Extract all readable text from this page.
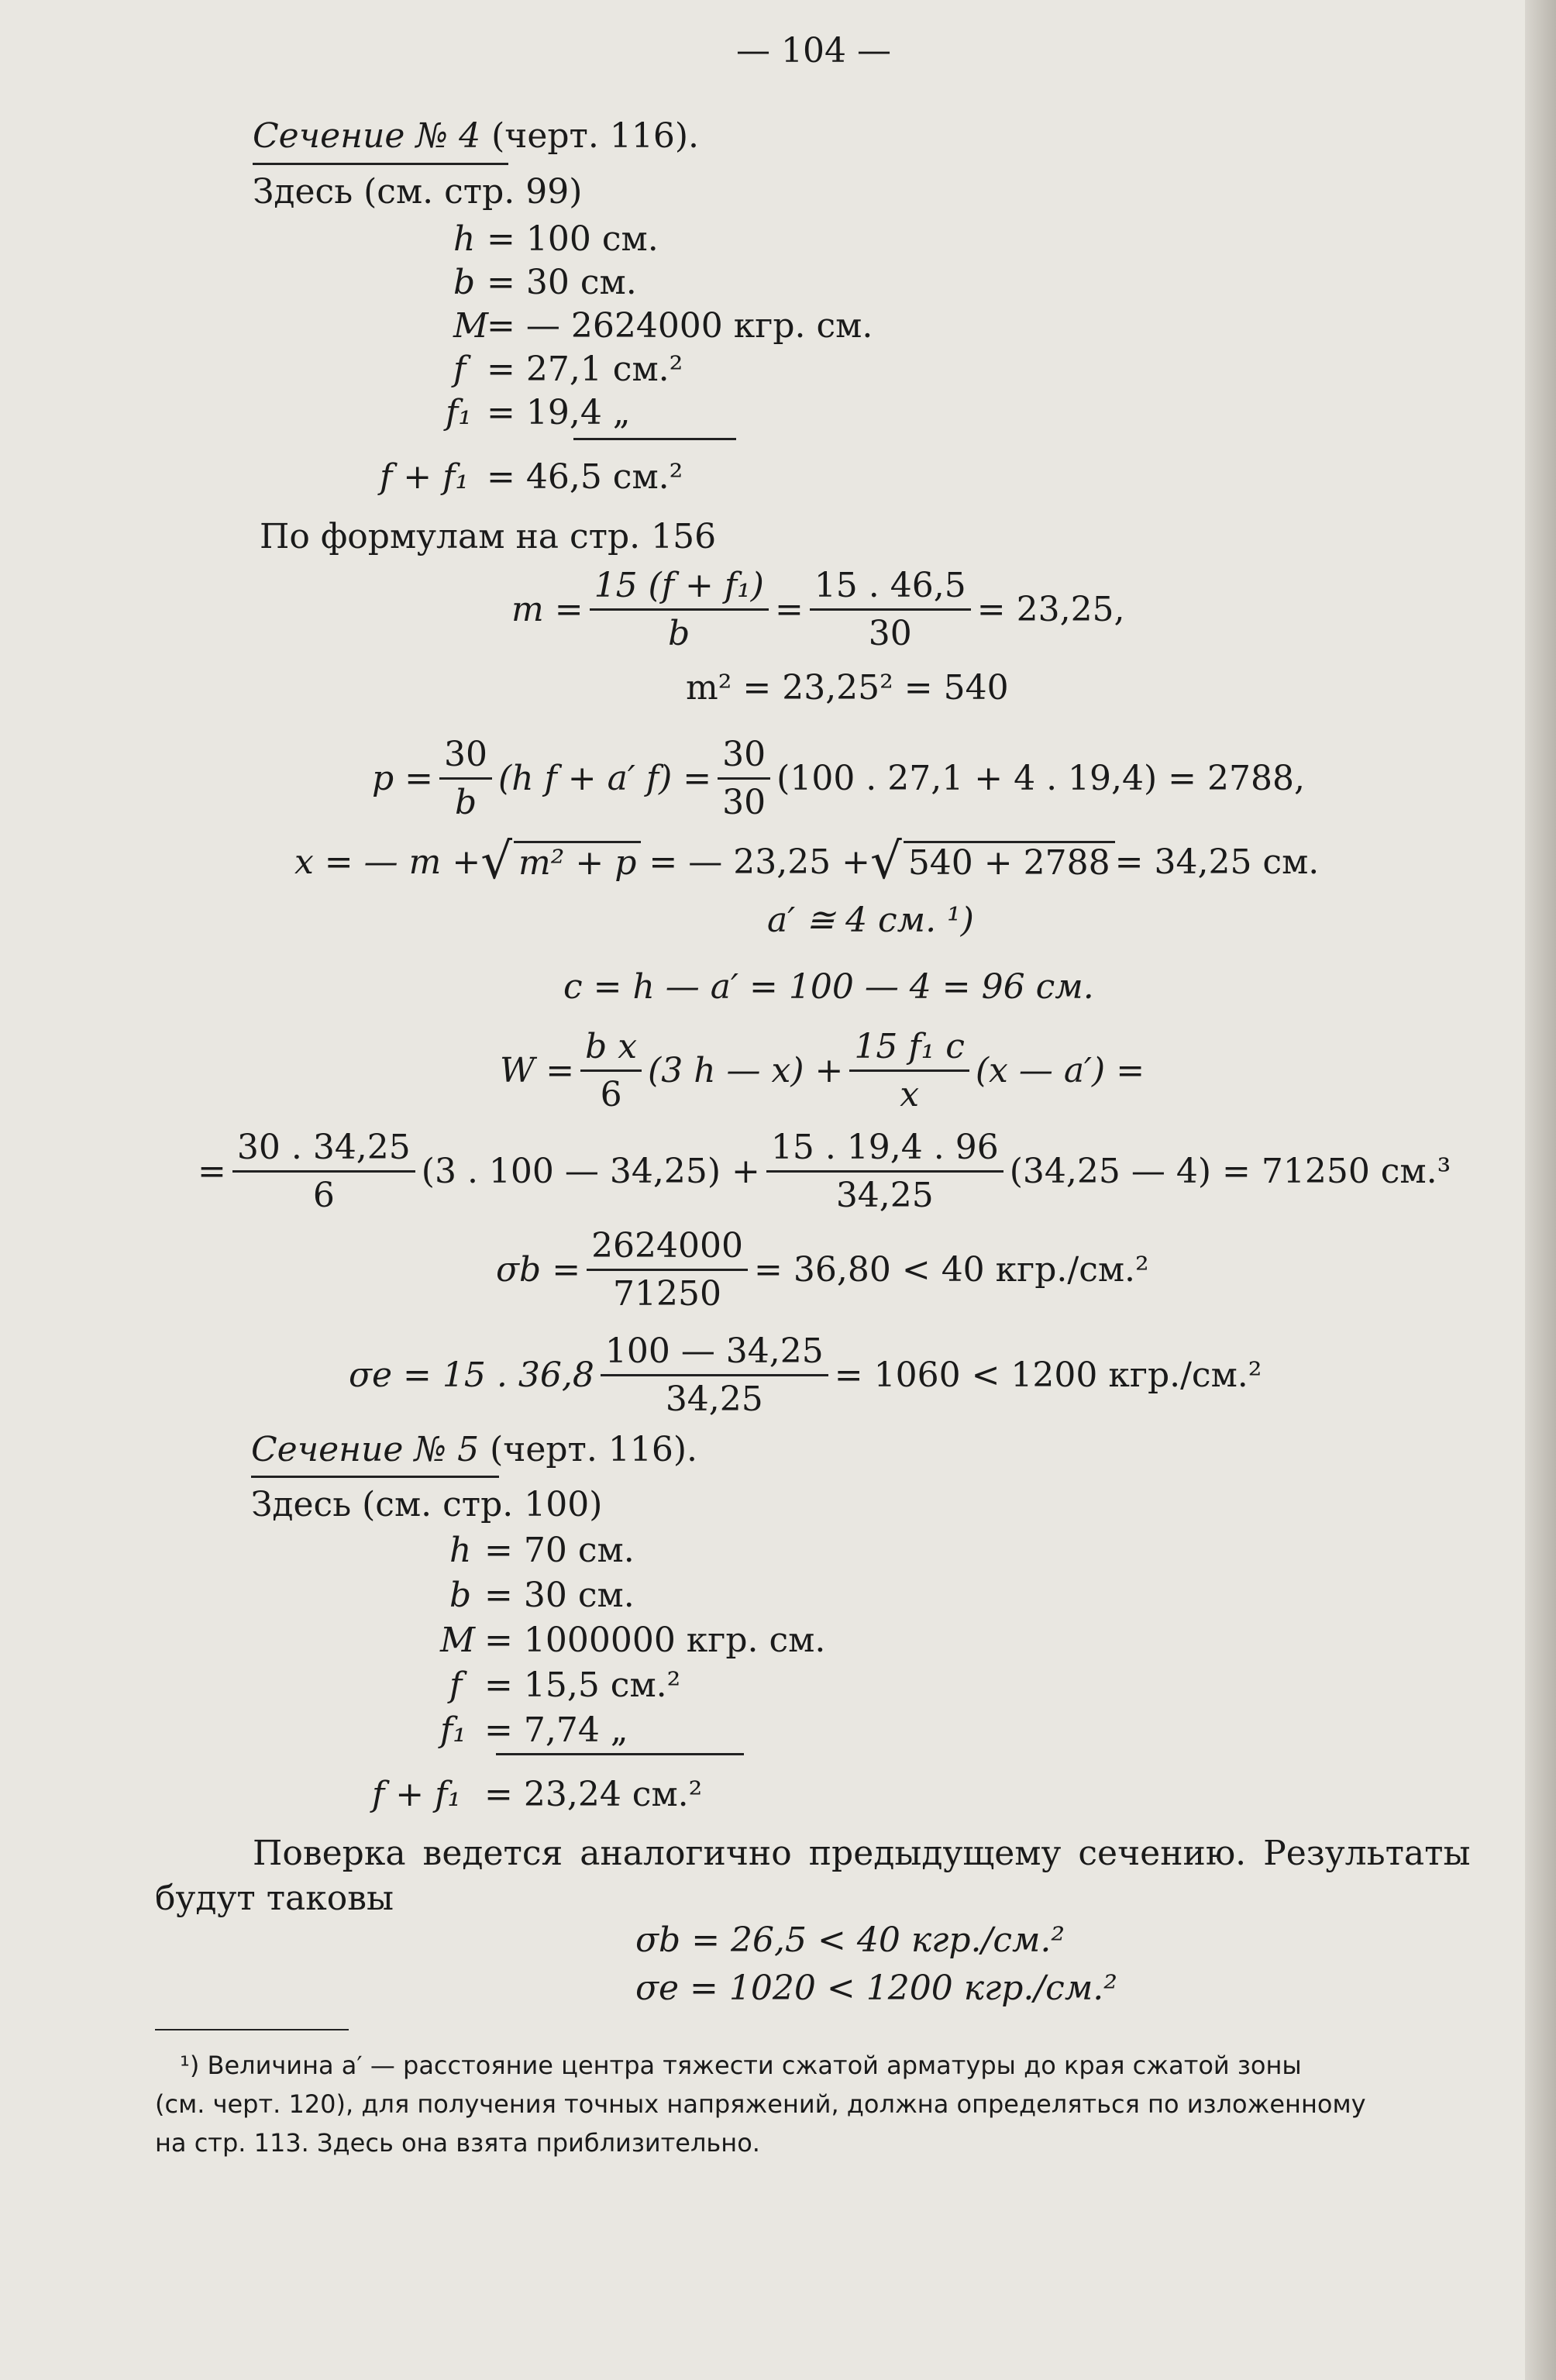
— 104 —
Сечение № 4 (черт. 116).
Здесь (см. стр. 99)
h = 100 см.
b = 30 см.
M
= — 2624000 кгр. см.
f = 27,1 см.²
f₁ = 19,4 „
f + f₁ = 46,5 см.²
По формулам на стр. 156
$m = \frac{\text{15 (f + f₁)}}{b} = \frac{15 . 46,5}{30} = 23,25$,
m² = 23,25² = 540
$p = \frac{30}{b} (h$ f + a′ $f) = \frac{30}{30} (100$ . 27,1 + 4 . 19,4) = 2788,
x = — m + √ m² + p = — 23,25 + √ 540 + 2788 = 34,25 см.
a′ ≅ 4 см. ¹)
c = h — a′ = 100 — 4 = 96 см.
$W = \frac{\text{b x}}{6} (3$ h — $x) + \frac{\text{15 f₁ c}}{x} (x$ — a′) =
= $\frac{30 . 34,25}{6} (3$ . 100 — $34,25) + \frac{15 . 19,4 . 96}{34,25} (34,25$ — 4) = 71250 см.³
$\sigma b = \frac{2624000}{71250} = 36,80 < 40$ кгр./см.²
σe = 15 . $36,8 \frac{100 — 34,25}{34,25} = 1060 < 1200$ кгр./см.²
Сечение № 5 (черт. 116).
Здесь (см. стр. 100)
h = 70 см.
b = 30 см.
M = 1000000 кгр. см.
f = 15,5 см.²
f₁ = 7,74 „
f + f₁ = 23,24 см.²
Поверка ведется аналогично предыдущему сечению. Результаты
будут таковы
σb = 26,5 < 40 кгр./см.²
σe = 1020 < 1200 кгр./см.²
¹) Величина a′ — расстояние центра тяжести сжатой арматуры до края сжатой зоны
(см. черт. 120), для получения точных напряжений, должна определяться по изложенному
на стр. 113. Здесь она взята приблизительно.
